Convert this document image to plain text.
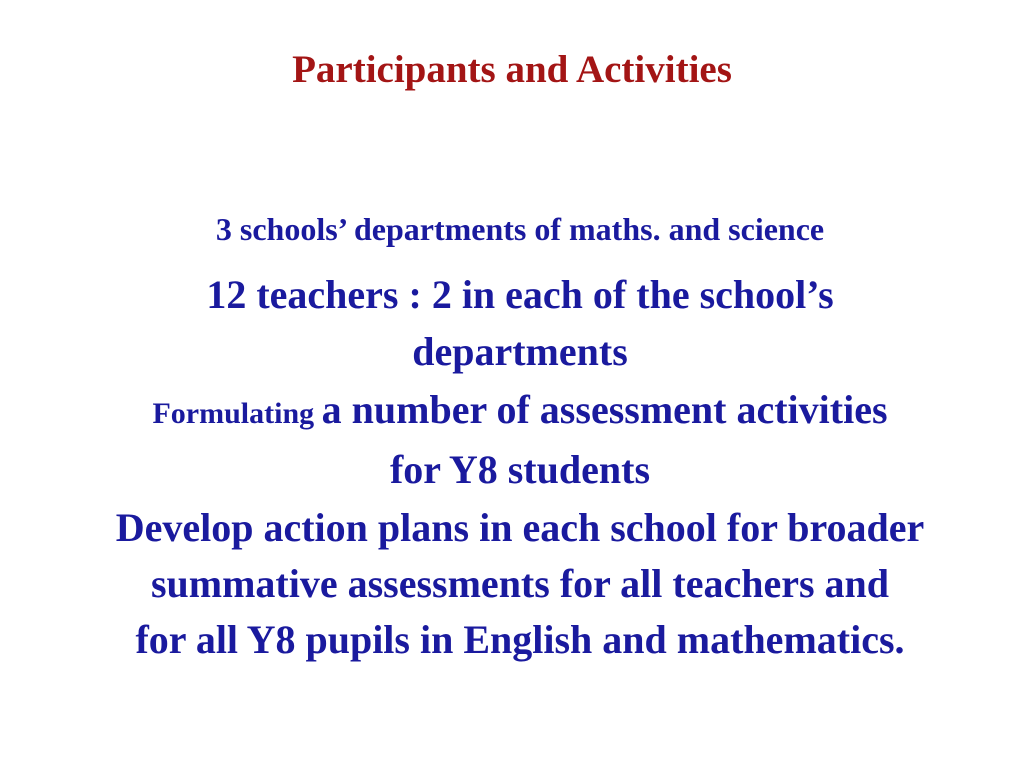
Participants and Activities
3 schools’ departments of maths. and science
12 teachers : 2 in each of the school’s
departments
Formulating a number of assessment activities
for Y8 students
Develop action plans in each school for broader
summative assessments for all teachers and
for all Y8 pupils in English and mathematics.
